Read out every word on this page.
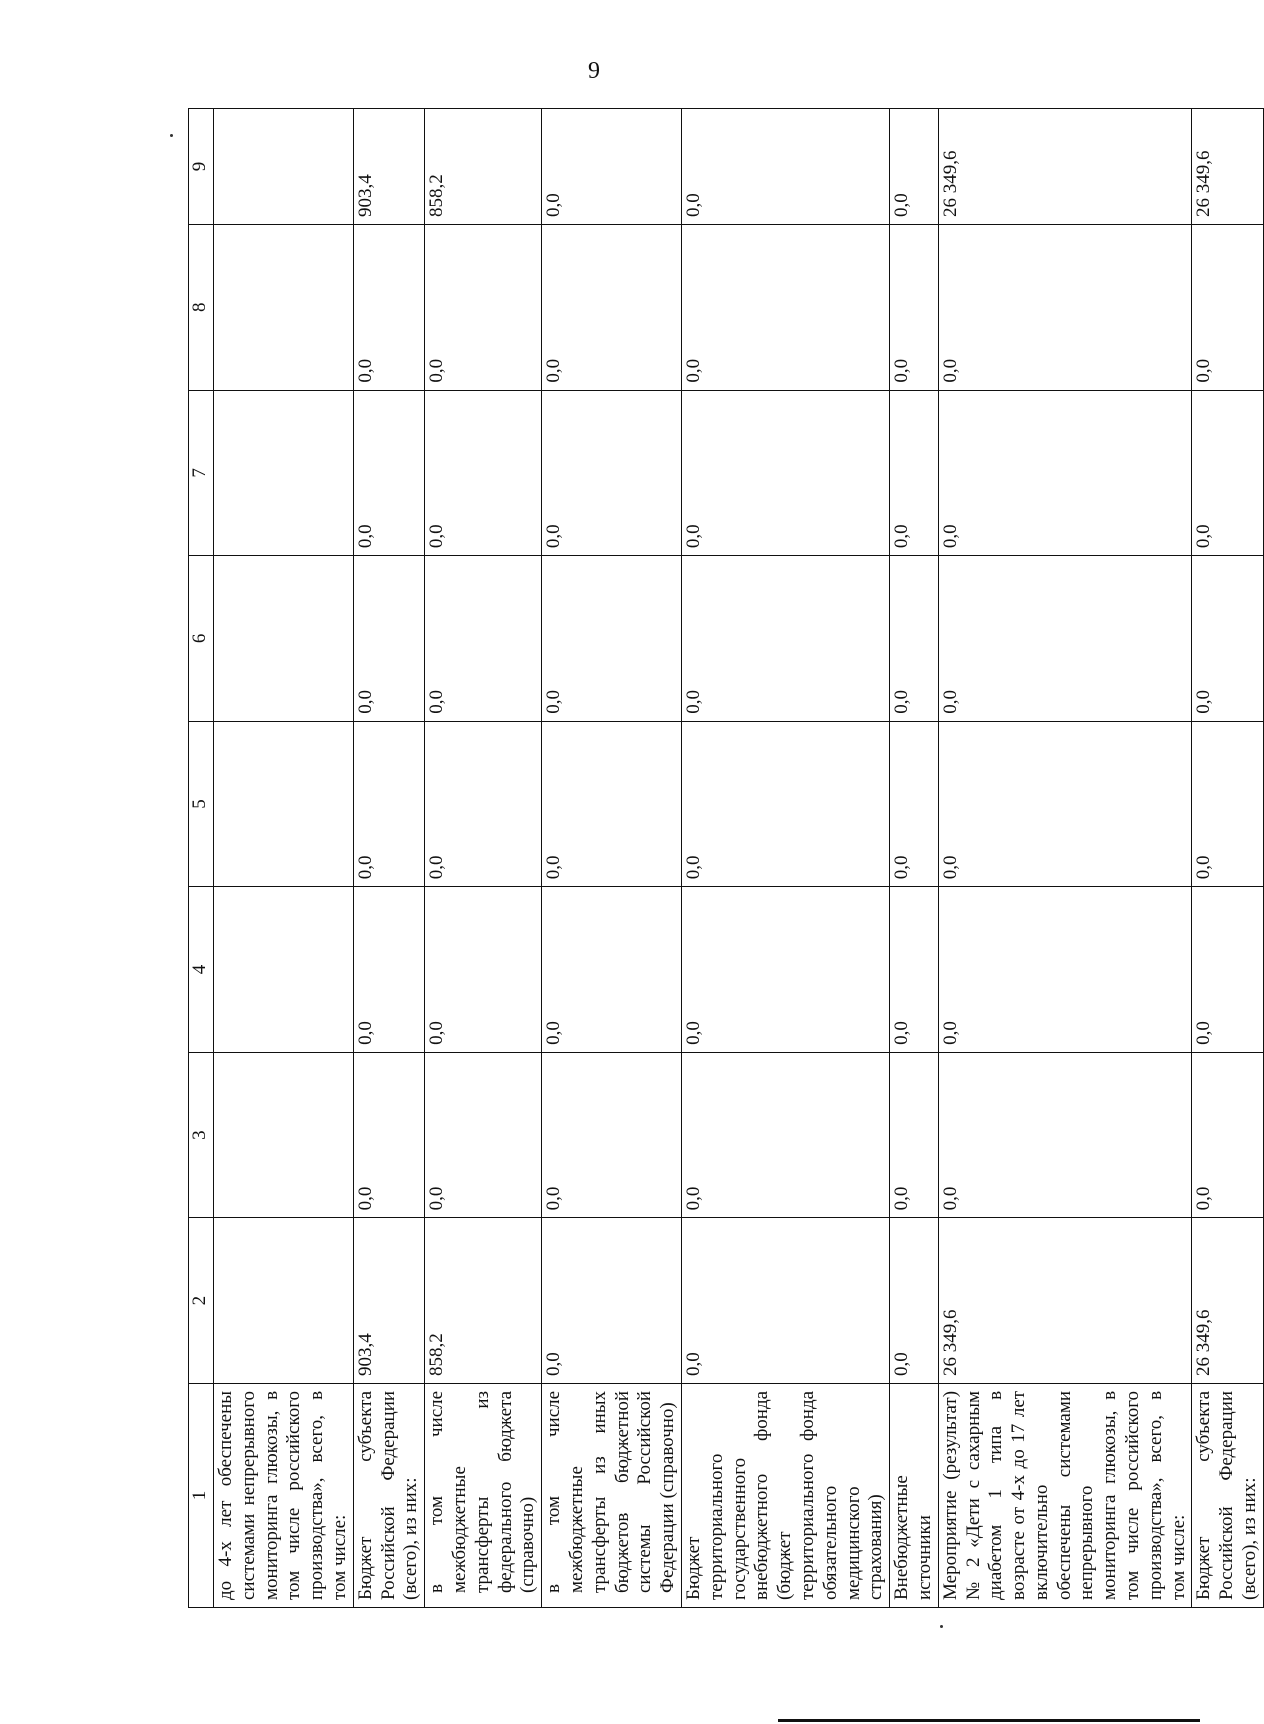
9
1	2	3	4	5	6	7	8	9
до 4-х лет обеспечены системами непрерывного мониторинга глюкозы, в том числе российского производства», всего, в том числе:								
Бюджет субъекта Российской Федерации (всего), из них:	903,4	0,0	0,0	0,0	0,0	0,0	0,0	903,4
в том числе межбюджетные трансферты из федерального бюджета (справочно)	858,2	0,0	0,0	0,0	0,0	0,0	0,0	858,2
в том числе межбюджетные трансферты из иных бюджетов бюджетной системы Российской Федерации (справочно)	0,0	0,0	0,0	0,0	0,0	0,0	0,0	0,0
Бюджет территориального государственного внебюджетного фонда (бюджет территориального фонда обязательного медицинского страхования)	0,0	0,0	0,0	0,0	0,0	0,0	0,0	0,0
Внебюджетные источники	0,0	0,0	0,0	0,0	0,0	0,0	0,0	0,0
Мероприятие (результат) № 2 «Дети с сахарным диабетом 1 типа в возрасте от 4-х до 17 лет включительно обеспечены системами непрерывного мониторинга глюкозы, в том числе российского производства», всего, в том числе:	26 349,6	0,0	0,0	0,0	0,0	0,0	0,0	26 349,6
Бюджет субъекта Российской Федерации (всего), из них:	26 349,6	0,0	0,0	0,0	0,0	0,0	0,0	26 349,6
